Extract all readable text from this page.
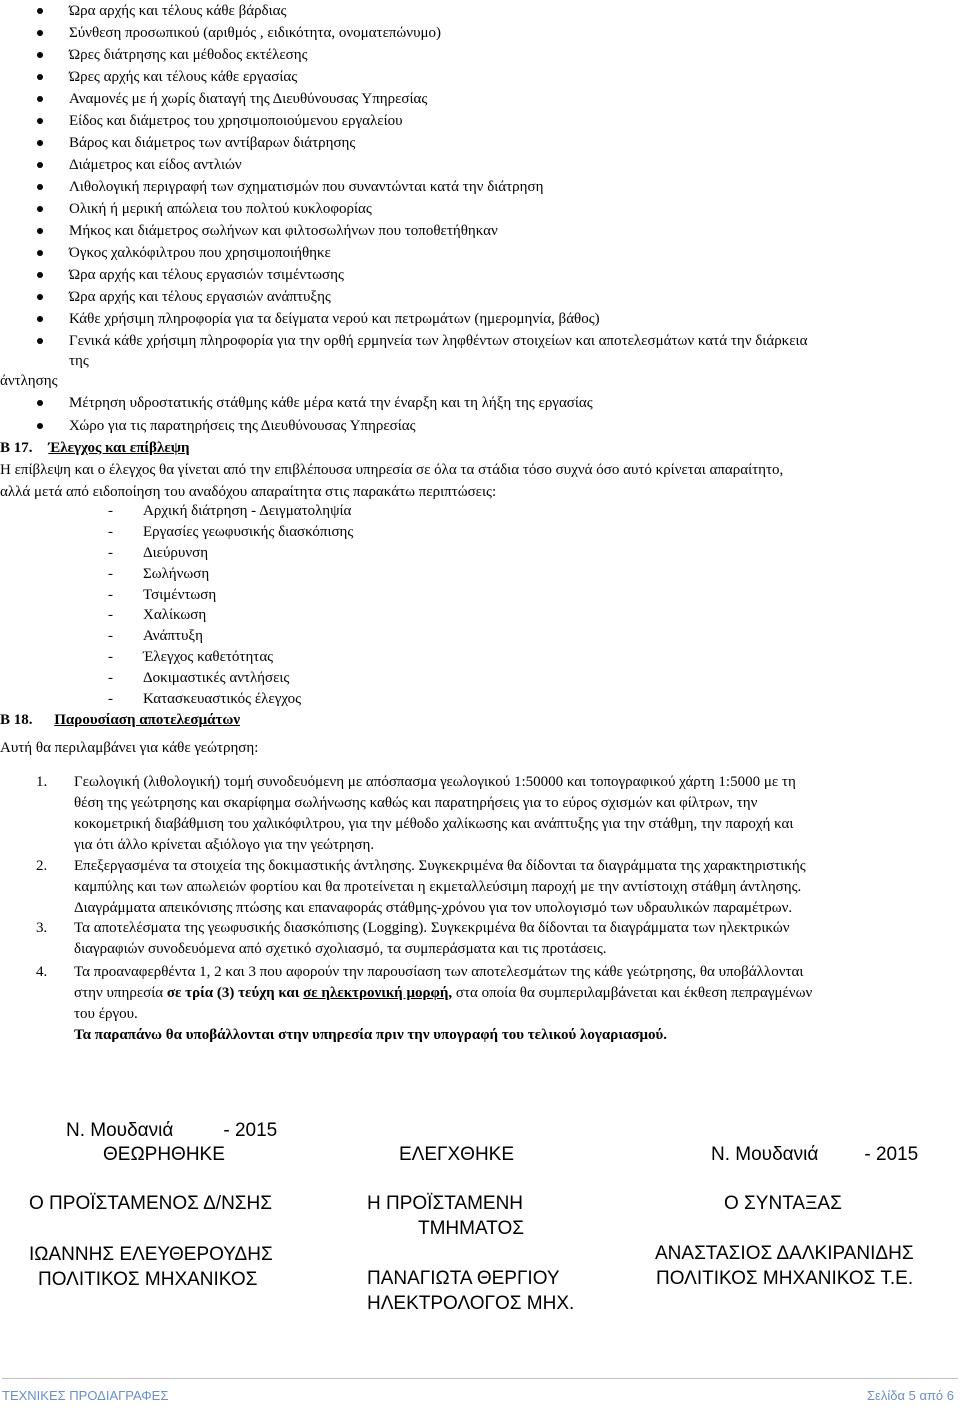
Ώρα αρχής και τέλους κάθε βάρδιας
Σύνθεση προσωπικού (αριθμός , ειδικότητα, ονοματεπώνυμο)
Ώρες διάτρησης και μέθοδος εκτέλεσης
Ώρες αρχής και τέλους κάθε εργασίας
Αναμονές με ή χωρίς διαταγή της Διευθύνουσας Υπηρεσίας
Είδος και διάμετρος του χρησιμοποιούμενου εργαλείου
Βάρος και διάμετρος των αντίβαρων διάτρησης
Διάμετρος και είδος αντλιών
Λιθολογική περιγραφή των σχηματισμών που συναντώνται κατά την διάτρηση
Ολική ή μερική απώλεια του πολτού κυκλοφορίας
Μήκος και διάμετρος σωλήνων και φιλτοσωλήνων που τοποθετήθηκαν
Όγκος χαλκόφιλτρου που χρησιμοποιήθηκε
Ώρα αρχής και τέλους εργασιών τσιμέντωσης
Ώρα αρχής και τέλους εργασιών ανάπτυξης
Κάθε χρήσιμη πληροφορία για τα δείγματα νερού και πετρωμάτων (ημερομηνία, βάθος)
Γενικά κάθε χρήσιμη πληροφορία για την ορθή ερμηνεία των ληφθέντων στοιχείων και αποτελεσμάτων κατά την διάρκεια
της
άντλησης
Μέτρηση υδροστατικής στάθμης κάθε μέρα κατά την έναρξη και τη λήξη της εργασίας
Χώρο για τις παρατηρήσεις της Διευθύνουσας Υπηρεσίας
Β 17. Έλεγχος και επίβλεψη
Η επίβλεψη και ο έλεγχος θα γίνεται από την επιβλέπουσα υπηρεσία σε όλα τα στάδια τόσο συχνά όσο αυτό κρίνεται απαραίτητο,
αλλά μετά από ειδοποίηση του αναδόχου απαραίτητα στις παρακάτω περιπτώσεις:
- Αρχική διάτρηση - Δειγματοληψία
- Εργασίες γεωφυσικής διασκόπισης
- Διεύρυνση
- Σωλήνωση
- Τσιμέντωση
- Χαλίκωση
- Ανάπτυξη
- Έλεγχος καθετότητας
- Δοκιμαστικές αντλήσεις
- Κατασκευαστικός έλεγχος
Β 18. Παρουσίαση αποτελεσμάτων
Αυτή θα περιλαμβάνει για κάθε γεώτρηση:
1. Γεωλογική (λιθολογική) τομή συνοδευόμενη με απόσπασμα γεωλογικού 1:50000 και τοπογραφικού χάρτη 1:5000 με τη
θέση της γεώτρησης και σκαρίφημα σωλήνωσης καθώς και παρατηρήσεις για το εύρος σχισμών και φίλτρων, την
κοκομετρική διαβάθμιση του χαλικόφιλτρου, για την μέθοδο χαλίκωσης και ανάπτυξης για την στάθμη, την παροχή και
για ότι άλλο κρίνεται αξιόλογο για την γεώτρηση.
2. Επεξεργασμένα τα στοιχεία της δοκιμαστικής άντλησης. Συγκεκριμένα θα δίδονται τα διαγράμματα της χαρακτηριστικής
καμπύλης και των απωλειών φορτίου και θα προτείνεται η εκμεταλλεύσιμη παροχή με την αντίστοιχη στάθμη άντλησης.
Διαγράμματα απεικόνισης πτώσης και επαναφοράς στάθμης-χρόνου για τον υπολογισμό των υδραυλικών παραμέτρων.
3. Τα αποτελέσματα της γεωφυσικής διασκόπισης (Logging). Συγκεκριμένα θα δίδονται τα διαγράμματα των ηλεκτρικών
διαγραφιών συνοδευόμενα από σχετικό σχολιασμό, τα συμπεράσματα και τις προτάσεις.
4. Τα προαναφερθέντα 1, 2 και 3 που αφορούν την παρουσίαση των αποτελεσμάτων της κάθε γεώτρησης, θα υποβάλλονται
στην υπηρεσία σε τρία (3) τεύχη και σε ηλεκτρονική μορφή, στα οποία θα συμπεριλαμβάνεται και έκθεση πεπραγμένων
του έργου.
Τα παραπάνω θα υποβάλλονται στην υπηρεσία πριν την υπογραφή του τελικού λογαριασμού.
Ν. Μουδανιά	- 2015
ΘΕΩΡΗΘΗΚΕ	ΕΛΕΓΧΘΗΚΕ	Ν. Μουδανιά - 2015
Ο ΠΡΟΪΣΤΑΜΕΝΟΣ Δ/ΝΣΗΣ
ΙΩΑΝΝΗΣ ΕΛΕΥΘΕΡΟΥΔΗΣ
ΠΟΛΙΤΙΚΟΣ ΜΗΧΑΝΙΚΟΣ
Η ΠΡΟΪΣΤΑΜΕΝΗ
ΤΜΗΜΑΤΟΣ
ΠΑΝΑΓΙΩΤΑ ΘΕΡΓΙΟΥ
ΗΛΕΚΤΡΟΛΟΓΟΣ ΜΗΧ.
Ο ΣΥΝΤΑΞΑΣ
ΑΝΑΣΤΑΣΙΟΣ ΔΑΛΚΙΡΑΝΙΔΗΣ
ΠΟΛΙΤΙΚΟΣ ΜΗΧΑΝΙΚΟΣ Τ.Ε.
ΤΕΧΝΙΚΕΣ ΠΡΟΔΙΑΓΡΑΦΕΣ	Σελίδα 5 από 6
